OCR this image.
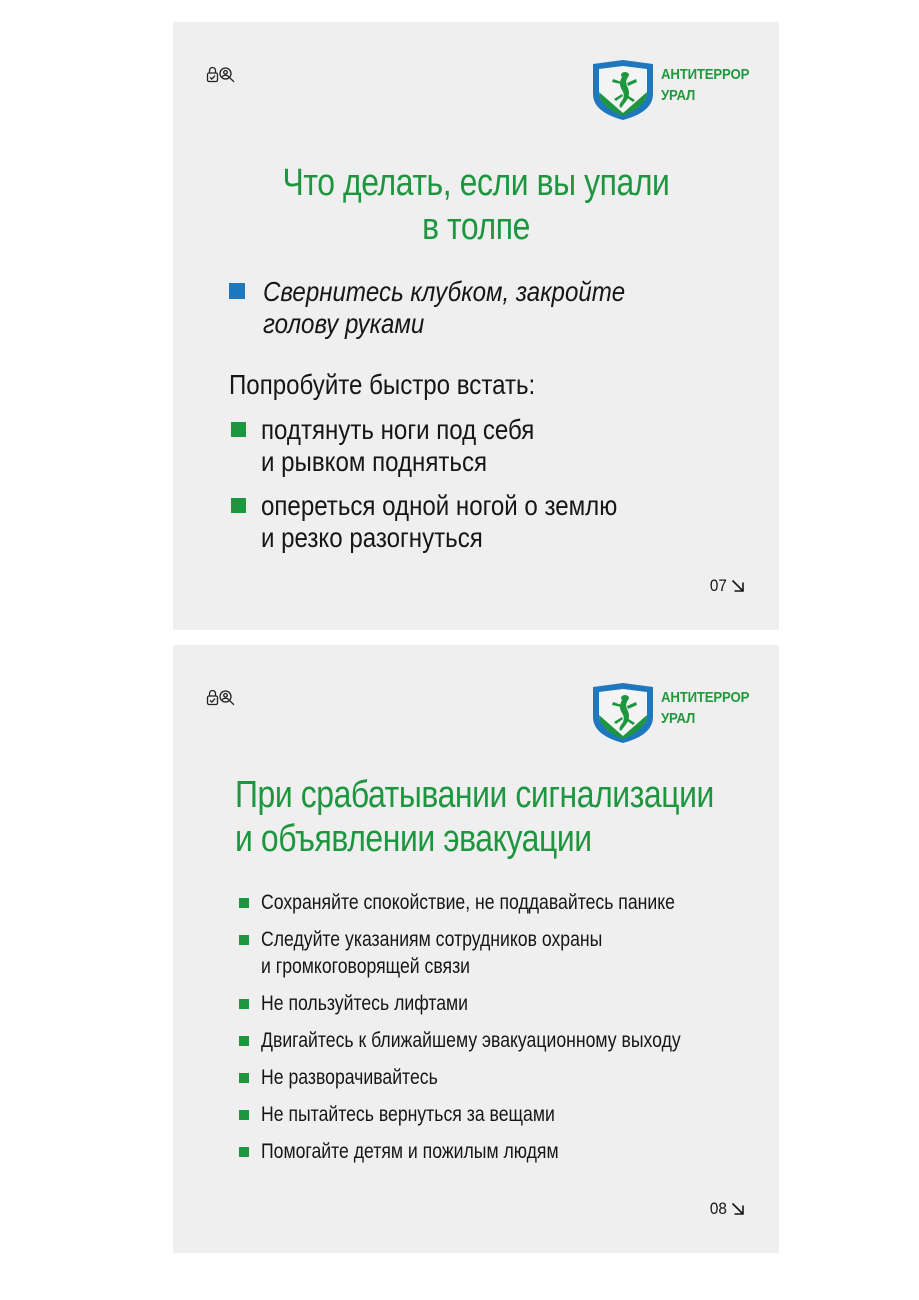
АНТИТЕРРОР
УРАЛ
Что делать, если вы упали
в толпе
Свернитесь клубком, закройте
голову руками
Попробуйте быстро встать:
подтянуть ноги под себя
и рывком подняться
опереться одной ногой о землю
и резко разогнуться
07
АНТИТЕРРОР
УРАЛ
При срабатывании сигнализации
и объявлении эвакуации
Сохраняйте спокойствие, не поддавайтесь панике
Следуйте указаниям сотрудников охраны
и громкоговорящей связи
Не пользуйтесь лифтами
Двигайтесь к ближайшему эвакуационному выходу
Не разворачивайтесь
Не пытайтесь вернуться за вещами
Помогайте детям и пожилым людям
08
